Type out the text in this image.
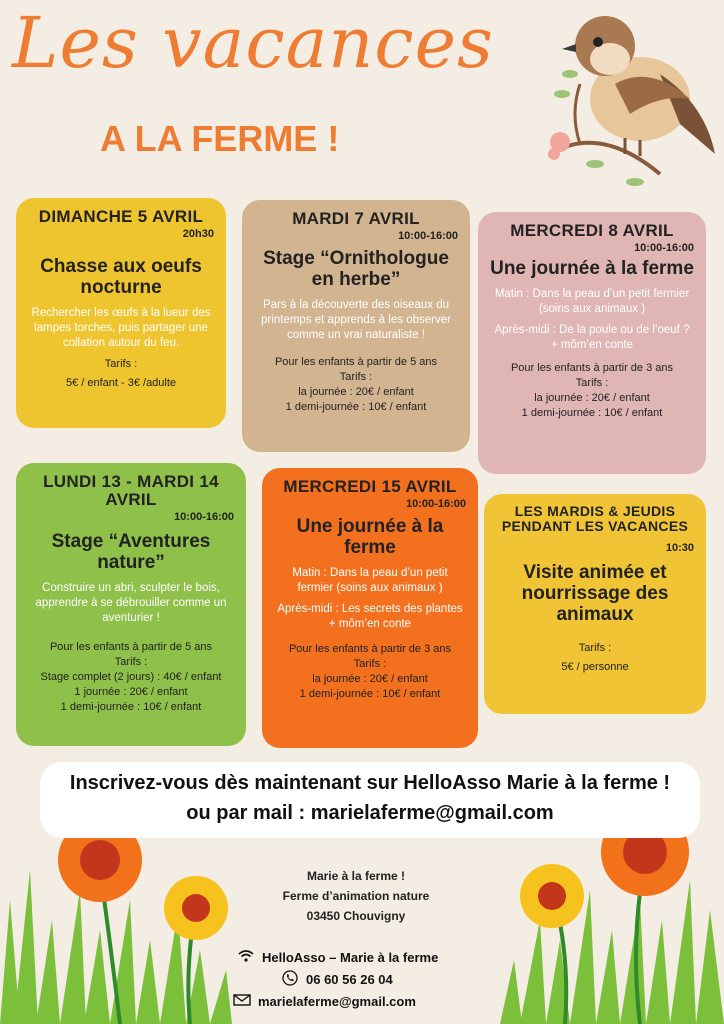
Les vacances
A LA FERME !
DIMANCHE 5 AVRIL
20h30
Chasse aux oeufs nocturne
Rechercher les œufs à la lueur des lampes torches, puis partager une collation autour du feu.
Tarifs :
5€ / enfant - 3€ /adulte
MARDI 7 AVRIL
10:00-16:00
Stage “Ornithologue en herbe”
Pars à la découverte des oiseaux du printemps et apprends à les observer comme un vrai naturaliste !
Pour les enfants à partir de 5 ans
Tarifs :
la journée : 20€ / enfant
1 demi-journée : 10€ / enfant
MERCREDI 8 AVRIL
10:00-16:00
Une journée à la ferme
Matin : Dans la peau d’un petit fermier (soins aux animaux )
Après-midi : De la poule ou de l’oeuf ? + môm’en conte
Pour les enfants à partir de 3 ans
Tarifs :
la journée : 20€ / enfant
1 demi-journée : 10€ / enfant
LUNDI 13 - MARDI 14 AVRIL
10:00-16:00
Stage “Aventures nature”
Construire un abri, sculpter le bois, apprendre à se débrouiller comme un aventurier !
Pour les enfants à partir de 5 ans
Tarifs :
Stage complet (2 jours) : 40€ / enfant
1 journée : 20€ / enfant
1 demi-journée : 10€ / enfant
MERCREDI 15 AVRIL
10:00-16:00
Une journée à la ferme
Matin : Dans la peau d’un petit fermier (soins aux animaux )
Après-midi : Les secrets des plantes + môm’en conte
Pour les enfants à partir de 3 ans
Tarifs :
la journée : 20€ / enfant
1 demi-journée : 10€ / enfant
LES MARDIS & JEUDIS PENDANT LES VACANCES
10:30
Visite animée et nourrissage des animaux
Tarifs :
5€ / personne
Inscrivez-vous dès maintenant sur HelloAsso Marie à la ferme !
ou par mail : marielaferme@gmail.com
Marie à la ferme !
Ferme d’animation nature
03450 Chouvigny
HelloAsso – Marie à la ferme
06 60 56 26 04
marielaferme@gmail.com
